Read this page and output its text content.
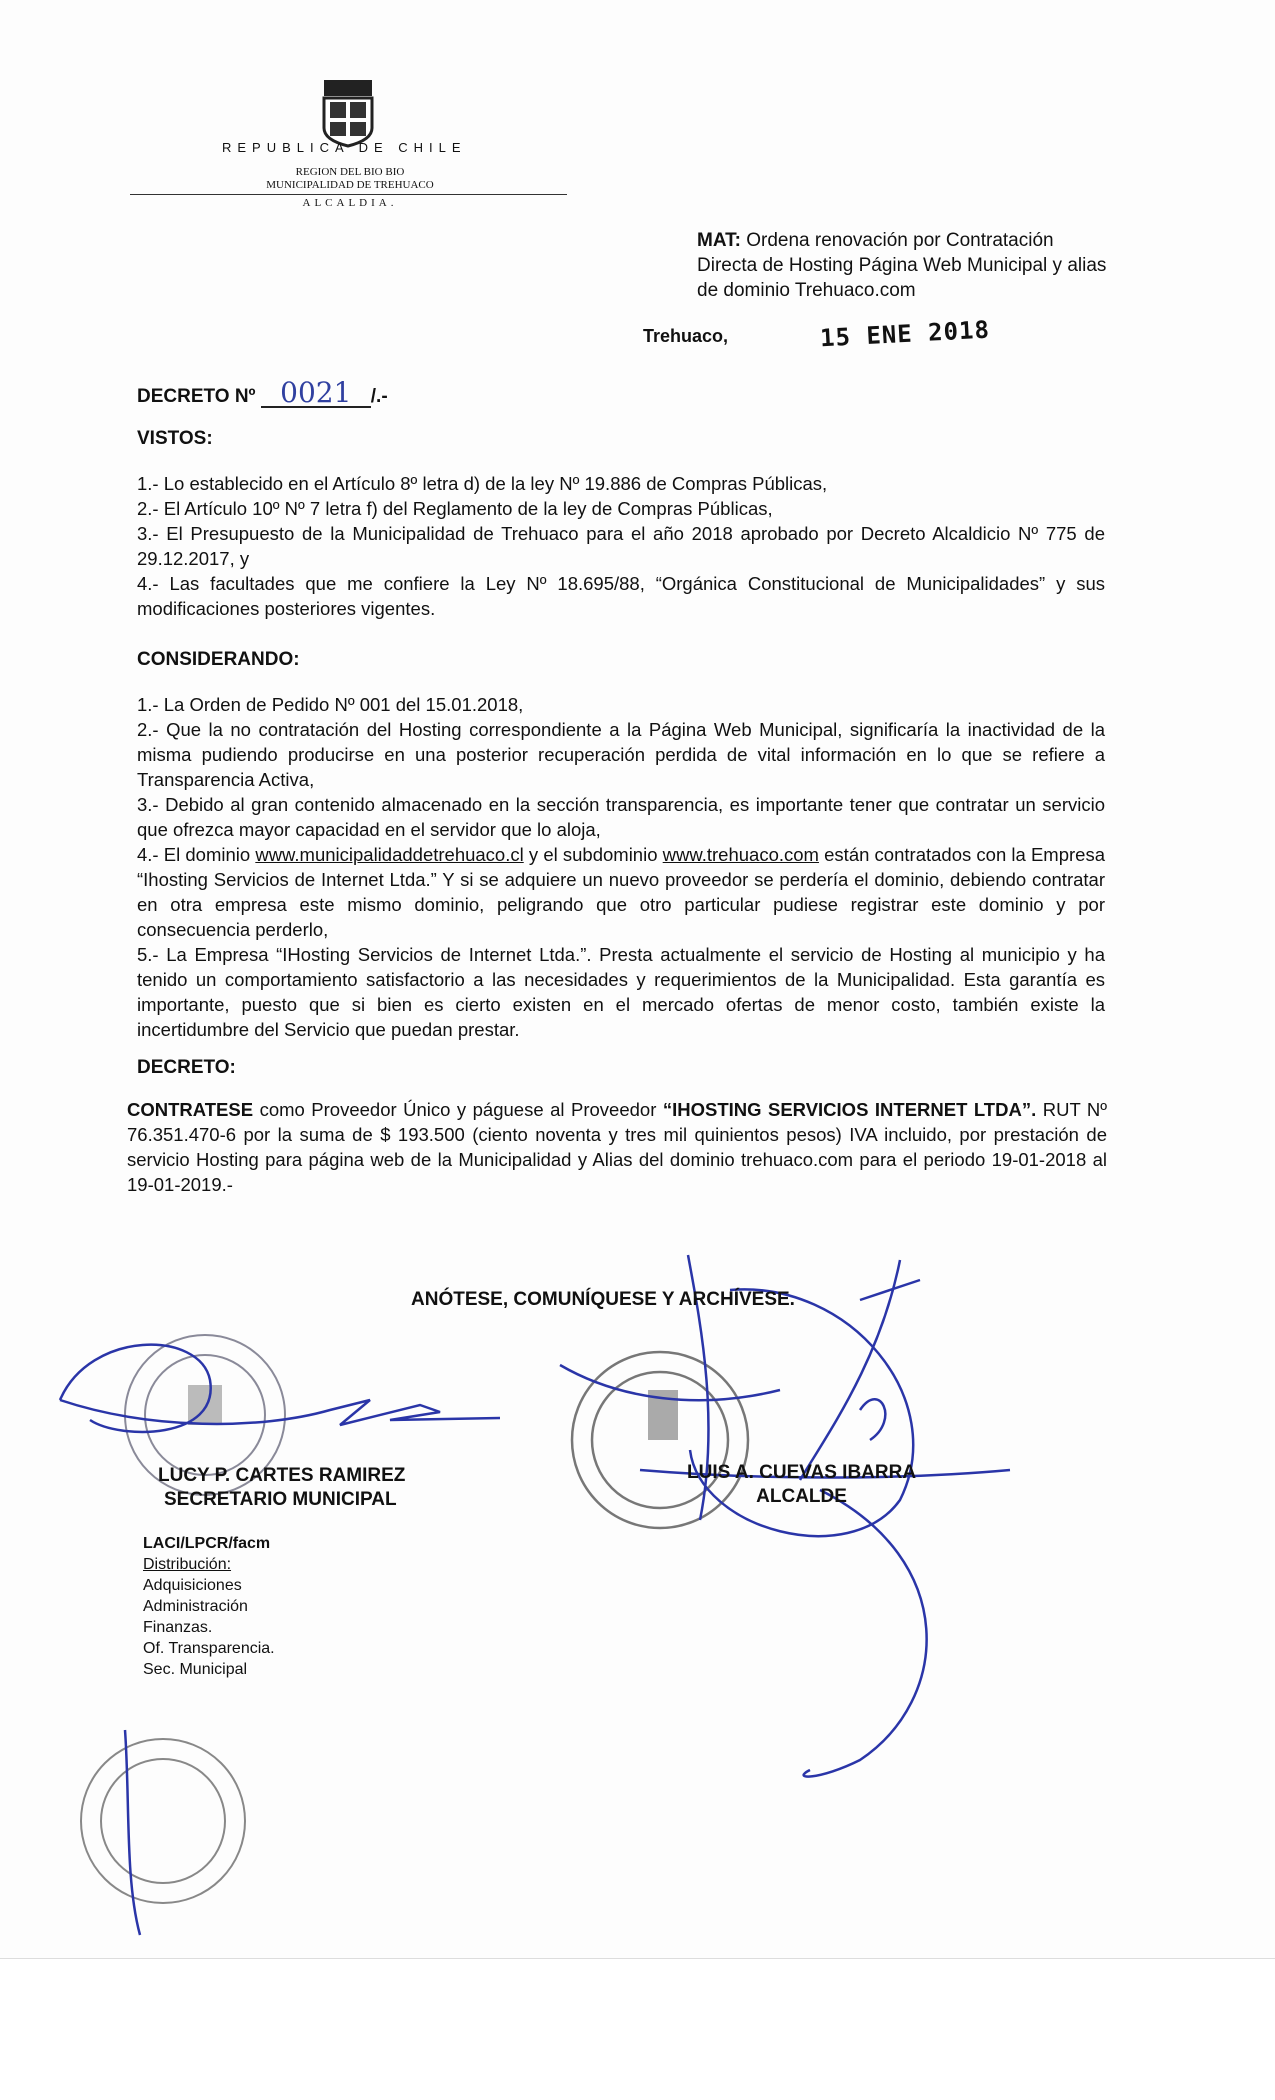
REPUBLICA DE CHILE
REGION DEL BIO BIO
MUNICIPALIDAD DE TREHUACO
ALCALDIA.
MAT: Ordena renovación por Contratación Directa de Hosting Página Web Municipal y alias de dominio Trehuaco.com
Trehuaco,	15 ENE 2018
DECRETO Nº 0021 /.-
VISTOS:
1.- Lo establecido en el Artículo 8º letra d) de la ley Nº 19.886 de Compras Públicas,
2.- El Artículo 10º Nº 7 letra f) del Reglamento de la ley de Compras Públicas,
3.- El Presupuesto de la Municipalidad de Trehuaco para el año 2018 aprobado por Decreto Alcaldicio Nº 775 de 29.12.2017, y
4.- Las facultades que me confiere la Ley Nº 18.695/88, “Orgánica Constitucional de Municipalidades” y sus modificaciones posteriores vigentes.
CONSIDERANDO:
1.- La Orden de Pedido Nº 001 del 15.01.2018,
2.- Que la no contratación del Hosting correspondiente a la Página Web Municipal, significaría la inactividad de la misma pudiendo producirse en una posterior recuperación perdida de vital información en lo que se refiere a Transparencia Activa,
3.- Debido al gran contenido almacenado en la sección transparencia, es importante tener que contratar un servicio que ofrezca mayor capacidad en el servidor que lo aloja,
4.- El dominio www.municipalidaddetrehuaco.cl y el subdominio www.trehuaco.com están contratados con la Empresa “Ihosting Servicios de Internet Ltda.” Y si se adquiere un nuevo proveedor se perdería el dominio, debiendo contratar en otra empresa este mismo dominio, peligrando que otro particular pudiese registrar este dominio y por consecuencia perderlo,
5.- La Empresa “IHosting Servicios de Internet Ltda.”. Presta actualmente el servicio de Hosting al municipio y ha tenido un comportamiento satisfactorio a las necesidades y requerimientos de la Municipalidad. Esta garantía es importante, puesto que si bien es cierto existen en el mercado ofertas de menor costo, también existe la incertidumbre del Servicio que puedan prestar.
DECRETO:
CONTRATESE como Proveedor Único y páguese al Proveedor “IHOSTING SERVICIOS INTERNET LTDA”. RUT Nº 76.351.470-6 por la suma de $ 193.500 (ciento noventa y tres mil quinientos pesos) IVA incluido, por prestación de servicio Hosting para página web de la Municipalidad y Alias del dominio trehuaco.com para el periodo 19-01-2018 al 19-01-2019.-
ANÓTESE, COMUNÍQUESE Y ARCHÍVESE.
LUCY P. CARTES RAMIREZ
SECRETARIO MUNICIPAL
LUIS A. CUEVAS IBARRA
ALCALDE
LACI/LPCR/facm
Distribución:
Adquisiciones
Administración
Finanzas.
Of. Transparencia.
Sec. Municipal
